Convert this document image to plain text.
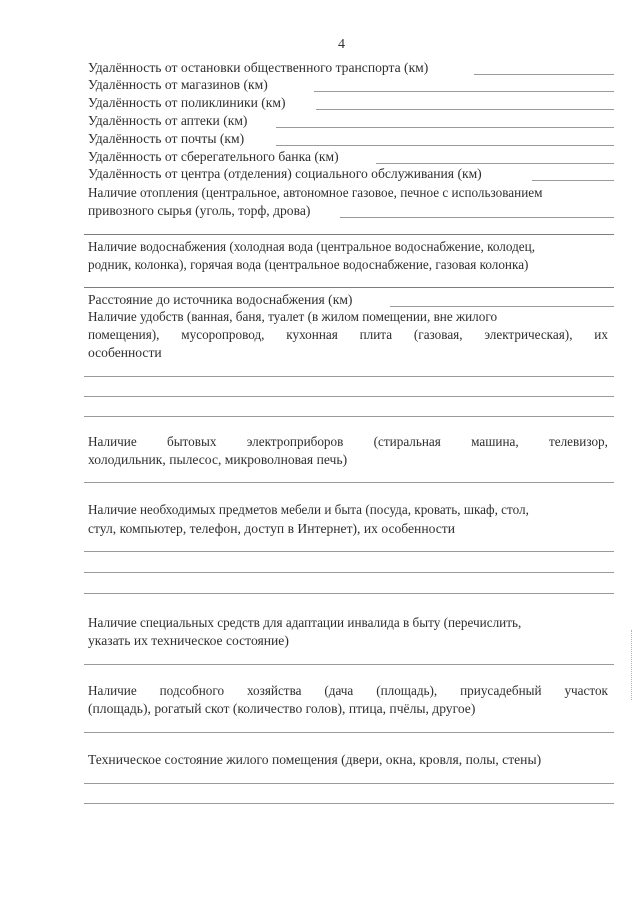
4
Удалённость от остановки общественного транспорта (км)
Удалённость от магазинов (км)
Удалённость от поликлиники (км)
Удалённость от аптеки (км)
Удалённость от почты (км)
Удалённость от сберегательного банка (км)
Удалённость от центра (отделения) социального обслуживания (км)
Наличие отопления (центральное, автономное газовое, печное с использованием
привозного сырья (уголь, торф, дрова)
Наличие водоснабжения (холодная вода (центральное водоснабжение, колодец,
родник, колонка), горячая вода (центральное водоснабжение, газовая колонка)
Расстояние до источника водоснабжения (км)
Наличие удобств (ванная, баня, туалет (в жилом помещении, вне жилого
помещения), мусоропровод, кухонная плита (газовая, электрическая), их
особенности
Наличие бытовых электроприборов (стиральная машина, телевизор,
холодильник, пылесос, микроволновая печь)
Наличие необходимых предметов мебели и быта (посуда, кровать, шкаф, стол,
стул, компьютер, телефон, доступ в Интернет), их особенности
Наличие специальных средств для адаптации инвалида в быту (перечислить,
указать их техническое состояние)
Наличие подсобного хозяйства (дача (площадь), приусадебный участок
(площадь), рогатый скот (количество голов), птица, пчёлы, другое)
Техническое состояние жилого помещения (двери, окна, кровля, полы, стены)
